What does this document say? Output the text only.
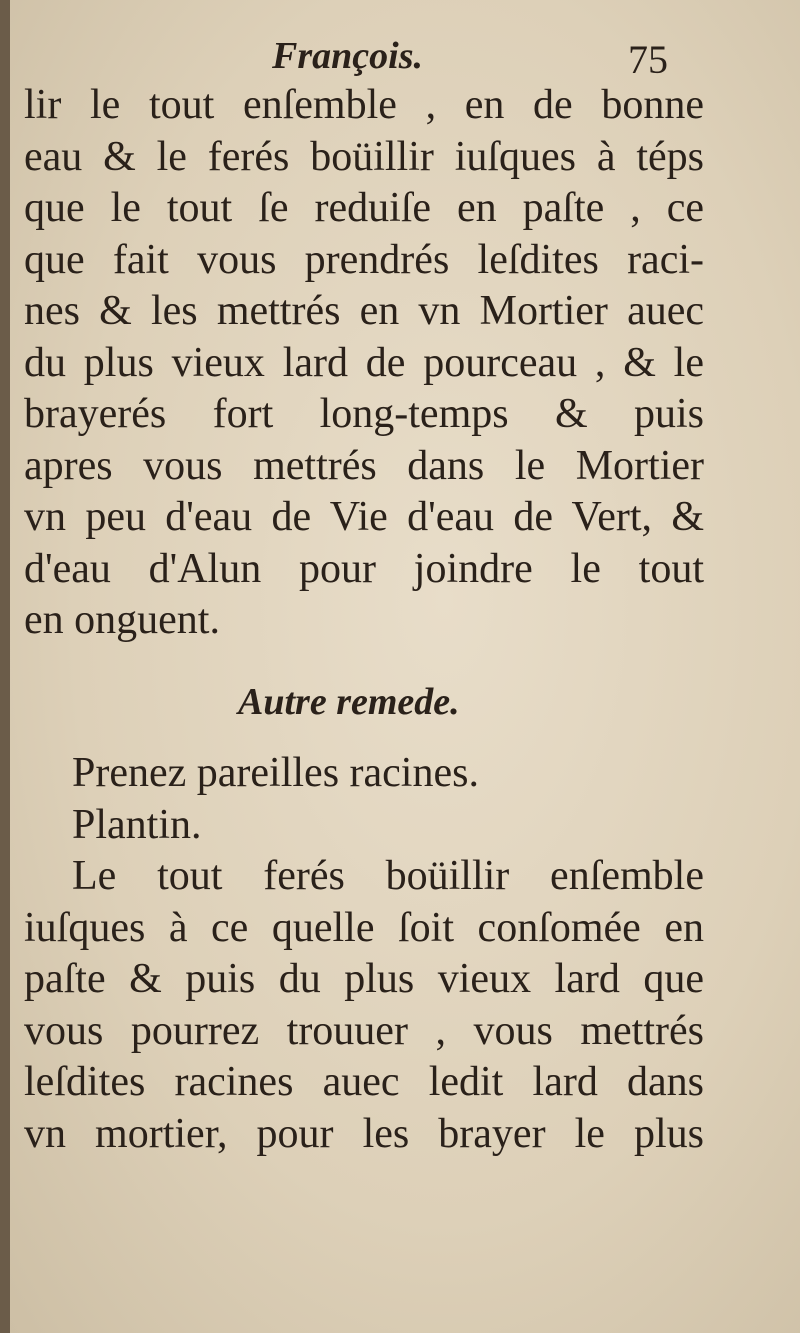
François.	75
lir le tout enſemble , en de bonne
eau & le ferés boüillir iuſques à téps
que le tout ſe reduiſe en paſte , ce
que fait vous prendrés leſdites raci-
nes & les mettrés en vn Mortier auec
du plus vieux lard de pourceau , & le
brayerés fort long-temps & puis
apres vous mettrés dans le Mortier
vn peu d'eau de Vie d'eau de Vert, &
d'eau d'Alun pour joindre le tout
en onguent.
Autre remede.
Prenez pareilles racines.
Plantin.
Le tout ferés boüillir enſemble
iuſques à ce quelle ſoit conſomée en
paſte & puis du plus vieux lard que
vous pourrez trouuer , vous mettrés
leſdites racines auec ledit lard dans
vn mortier, pour les brayer le plus
